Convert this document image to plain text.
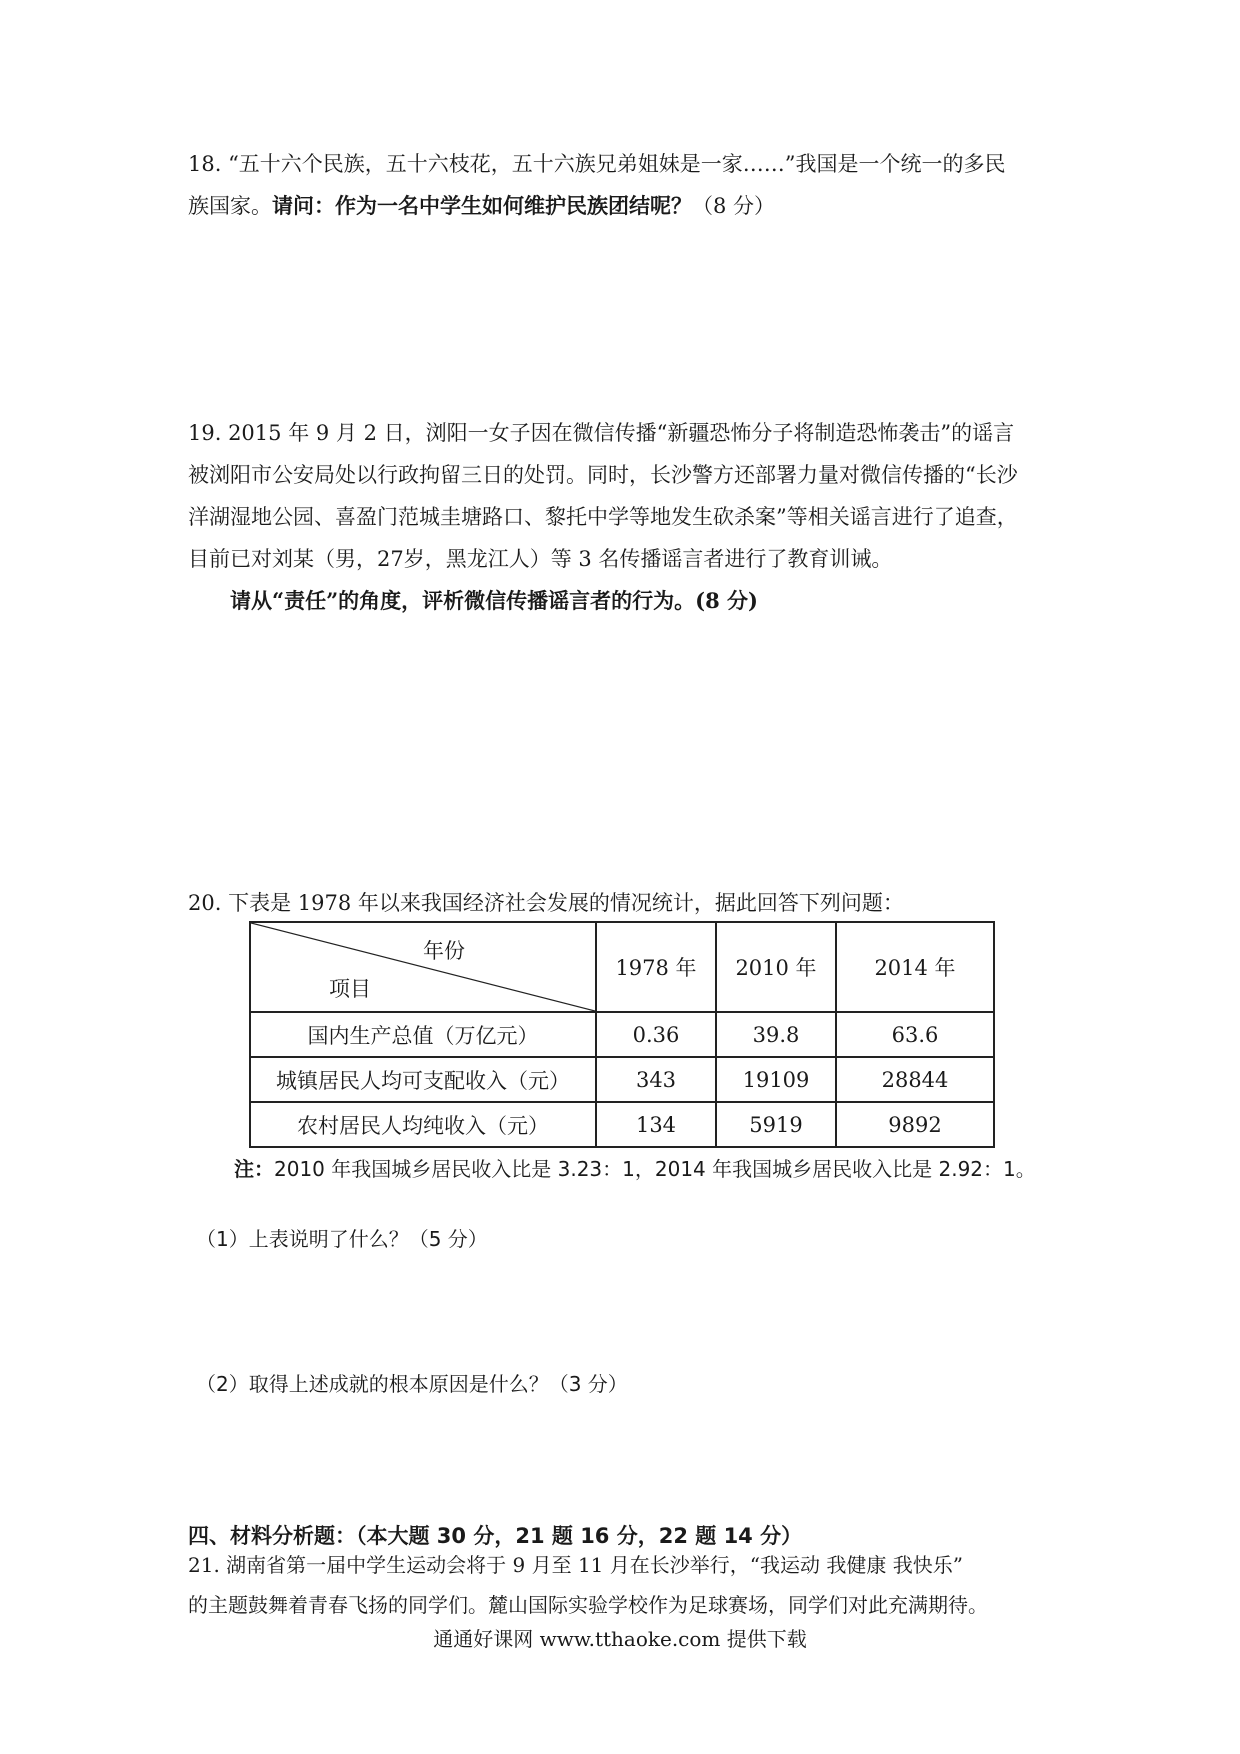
18. “五十六个民族，五十六枝花，五十六族兄弟姐妹是一家……”我国是一个统一的多民

族国家。请问：作为一名中学生如何维护民族团结呢？（8 分）

19. 2015 年 9 月 2 日，浏阳一女子因在微信传播“新疆恐怖分子将制造恐怖袭击”的谣言

被浏阳市公安局处以行政拘留三日的处罚。同时，长沙警方还部署力量对微信传播的“长沙

洋湖湿地公园、喜盈门范城圭塘路口、黎托中学等地发生砍杀案”等相关谣言进行了追查，

目前已对刘某（男，27岁，黑龙江人）等 3 名传播谣言者进行了教育训诫。

请从“责任”的角度，评析微信传播谣言者的行为。(8 分)

20. 下表是 1978 年以来我国经济社会发展的情况统计，据此回答下列问题：

年份
项目	1978 年	2010 年	2014 年
国内生产总值（万亿元）	0.36	39.8	63.6
城镇居民人均可支配收入（元）	343	19109	28844
农村居民人均纯收入（元）	134	5919	9892
注：2010 年我国城乡居民收入比是 3.23：1，2014 年我国城乡居民收入比是 2.92：1。
（1）上表说明了什么？（5 分）
（2）取得上述成就的根本原因是什么？（3 分）
四、材料分析题：（本大题 30 分，21 题 16 分，22 题 14 分）
21. 湖南省第一届中学生运动会将于 9 月至 11 月在长沙举行，“我运动 我健康 我快乐”
的主题鼓舞着青春飞扬的同学们。麓山国际实验学校作为足球赛场，同学们对此充满期待。
通通好课网 www.tthaoke.com 提供下载
